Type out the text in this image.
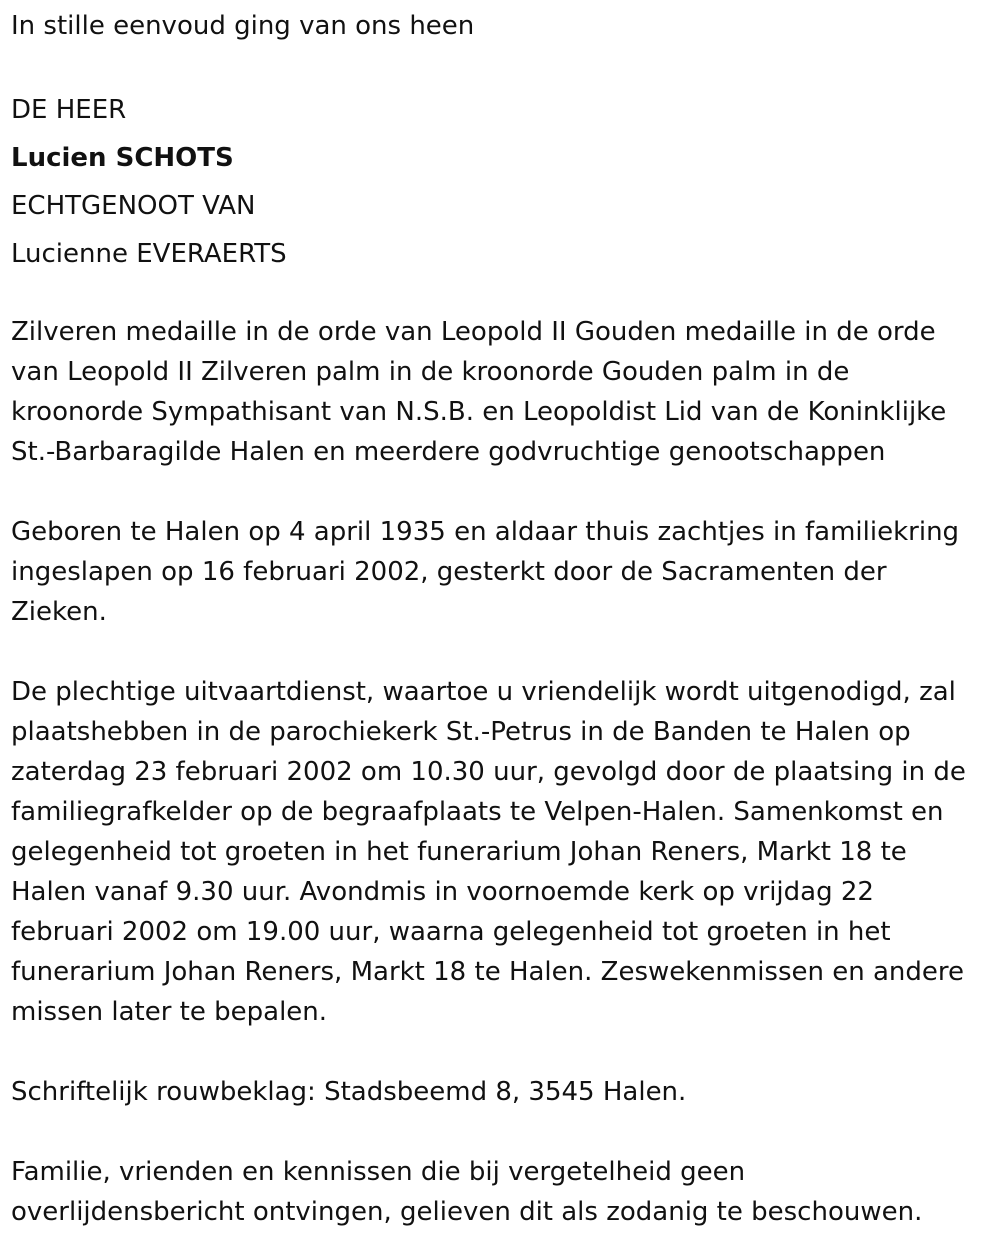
In stille eenvoud ging van ons heen

DE HEER

Lucien SCHOTS

ECHTGENOOT VAN

Lucienne EVERAERTS

Zilveren medaille in de orde van Leopold II Gouden medaille in de orde

van Leopold II Zilveren palm in de kroonorde Gouden palm in de

kroonorde Sympathisant van N.S.B. en Leopoldist Lid van de Koninklijke

St.-Barbaragilde Halen en meerdere godvruchtige genootschappen

Geboren te Halen op 4 april 1935 en aldaar thuis zachtjes in familiekring

ingeslapen op 16 februari 2002, gesterkt door de Sacramenten der

Zieken.

De plechtige uitvaartdienst, waartoe u vriendelijk wordt uitgenodigd, zal

plaatshebben in de parochiekerk St.-Petrus in de Banden te Halen op

zaterdag 23 februari 2002 om 10.30 uur, gevolgd door de plaatsing in de

familiegrafkelder op de begraafplaats te Velpen-Halen. Samenkomst en

gelegenheid tot groeten in het funerarium Johan Reners, Markt 18 te

Halen vanaf 9.30 uur. Avondmis in voornoemde kerk op vrijdag 22

februari 2002 om 19.00 uur, waarna gelegenheid tot groeten in het

funerarium Johan Reners, Markt 18 te Halen. Zeswekenmissen en andere

missen later te bepalen.

Schriftelijk rouwbeklag: Stadsbeemd 8, 3545 Halen.

Familie, vrienden en kennissen die bij vergetelheid geen

overlijdensbericht ontvingen, gelieven dit als zodanig te beschouwen.
